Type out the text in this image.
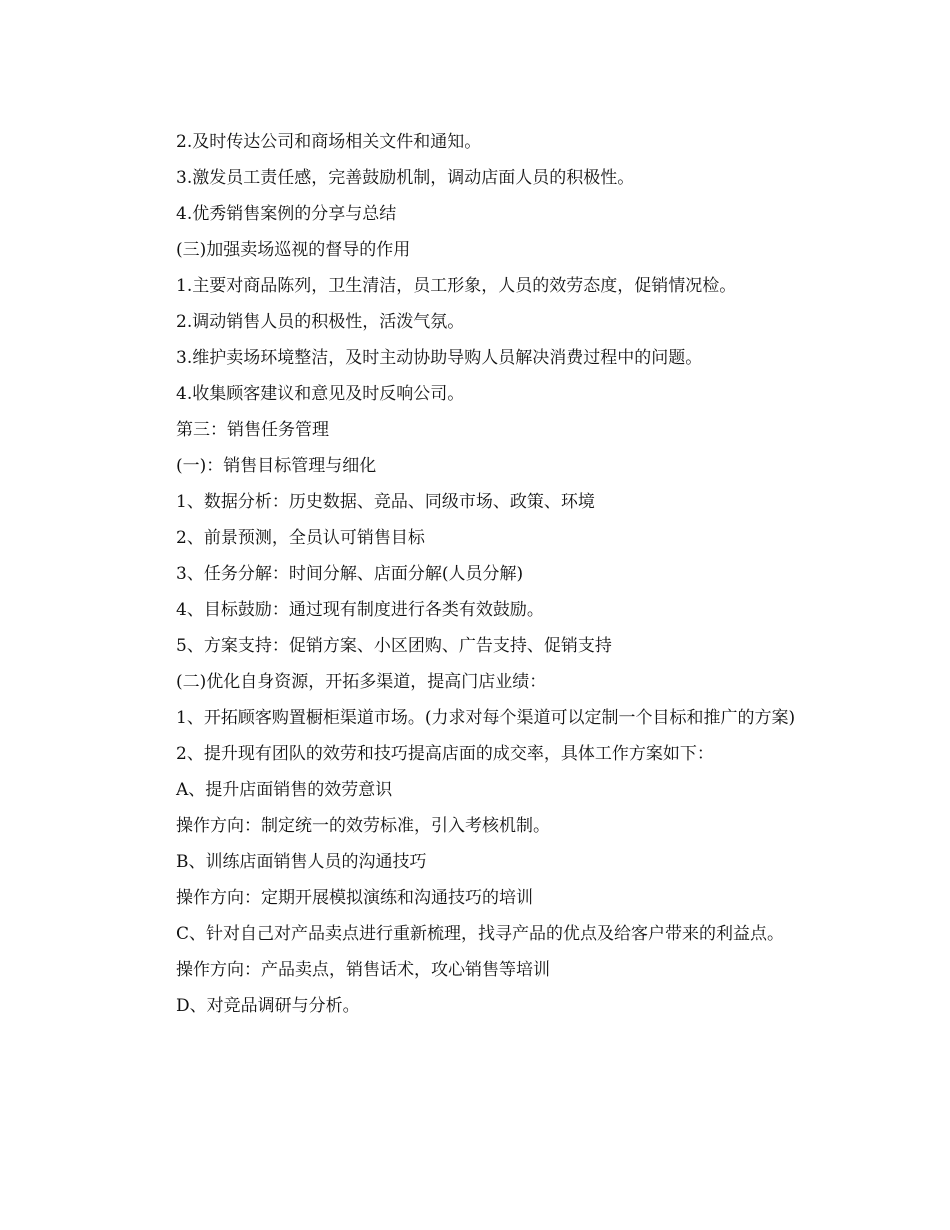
2.及时传达公司和商场相关文件和通知。

3.激发员工责任感，完善鼓励机制，调动店面人员的积极性。

4.优秀销售案例的分享与总结

(三)加强卖场巡视的督导的作用

1.主要对商品陈列，卫生清洁，员工形象，人员的效劳态度，促销情况检。

2.调动销售人员的积极性，活泼气氛。

3.维护卖场环境整洁，及时主动协助导购人员解决消费过程中的问题。

4.收集顾客建议和意见及时反响公司。

第三：销售任务管理

(一)：销售目标管理与细化

1、数据分析：历史数据、竞品、同级市场、政策、环境

2、前景预测，全员认可销售目标

3、任务分解：时间分解、店面分解(人员分解)

4、目标鼓励：通过现有制度进行各类有效鼓励。

5、方案支持：促销方案、小区团购、广告支持、促销支持

(二)优化自身资源，开拓多渠道，提高门店业绩：

1、开拓顾客购置橱柜渠道市场。(力求对每个渠道可以定制一个目标和推广的方案)

2、提升现有团队的效劳和技巧提高店面的成交率，具体工作方案如下：

A、提升店面销售的效劳意识

操作方向：制定统一的效劳标准，引入考核机制。

B、训练店面销售人员的沟通技巧

操作方向：定期开展模拟演练和沟通技巧的培训

C、针对自己对产品卖点进行重新梳理，找寻产品的优点及给客户带来的利益点。

操作方向：产品卖点，销售话术，攻心销售等培训

D、对竞品调研与分析。
